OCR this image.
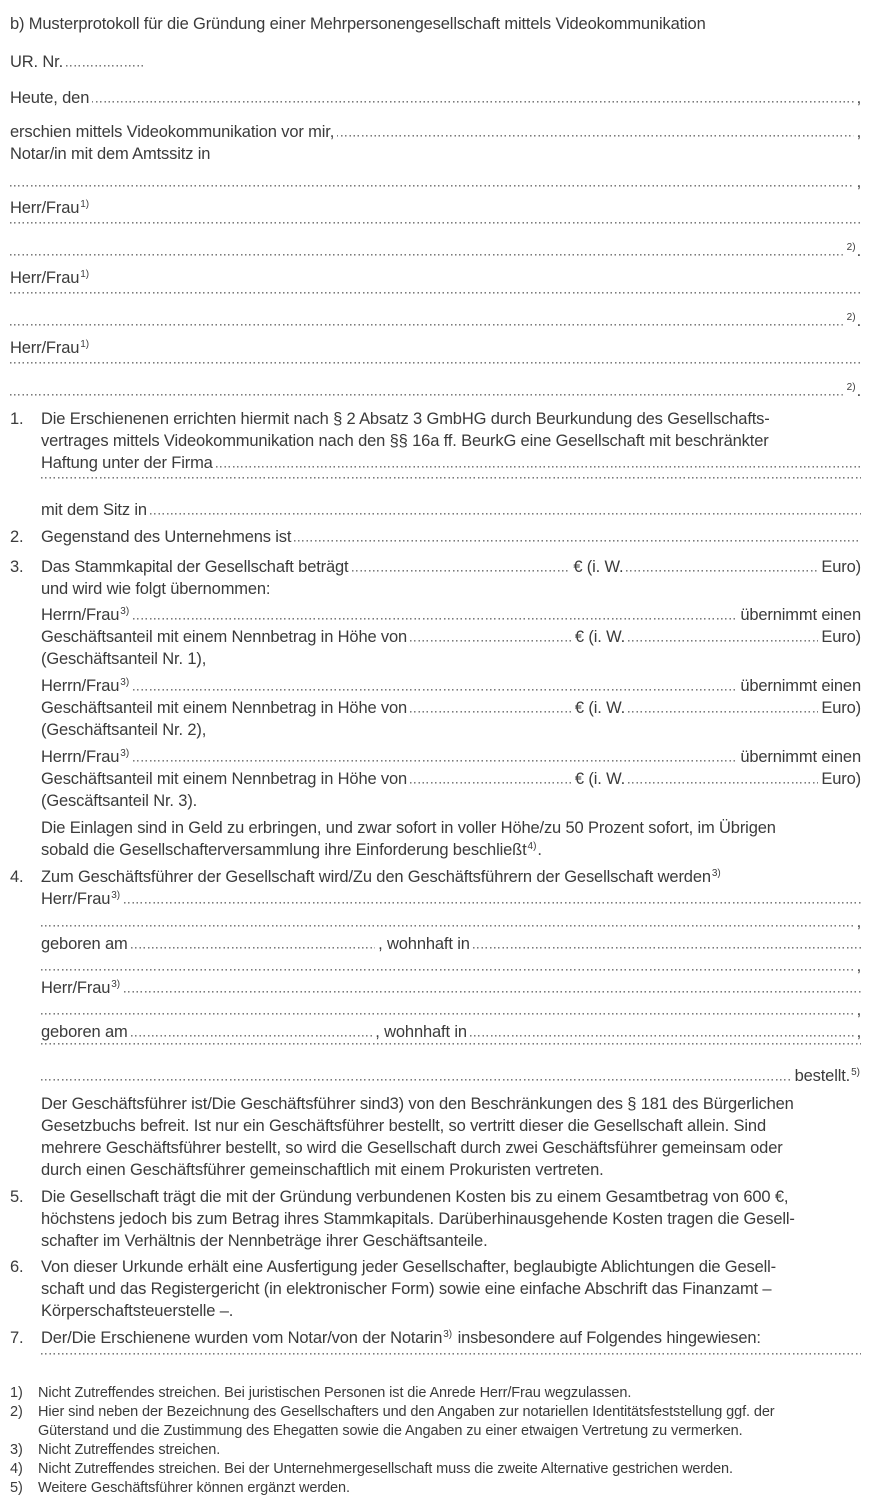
b) Musterprotokoll für die Gründung einer Mehrpersonengesellschaft mittels Videokommunikation
UR. Nr.
Heute, den	,
erschien mittels Videokommunikation vor mir,	,
Notar/in mit dem Amtssitz in
,
Herr/Frau 1)
2) .
Herr/Frau 1)
2) .
Herr/Frau 1)
2) .
1.	Die Erschienenen errichten hiermit nach § 2 Absatz 3 GmbHG durch Beurkundung des Gesellschafts-
vertrages mittels Videokommunikation nach den §§ 16a ff. BeurkG eine Gesellschaft mit beschränkter
Haftung unter der Firma
mit dem Sitz in
2.	Gegenstand des Unternehmens ist
3.	Das Stammkapital der Gesellschaft beträgt	€ (i. W.	Euro)
und wird wie folgt übernommen:
Herrn/Frau 3)	übernimmt einen
Geschäftsanteil mit einem Nennbetrag in Höhe von	€ (i. W.	Euro)
(Geschäftsanteil Nr. 1),
Herrn/Frau 3)	übernimmt einen
Geschäftsanteil mit einem Nennbetrag in Höhe von	€ (i. W.	Euro)
(Geschäftsanteil Nr. 2),
Herrn/Frau 3)	übernimmt einen
Geschäftsanteil mit einem Nennbetrag in Höhe von	€ (i. W.	Euro)
(Gescäftsanteil Nr. 3).
Die Einlagen sind in Geld zu erbringen, und zwar sofort in voller Höhe/zu 50 Prozent sofort, im Übrigen
sobald die Gesellschafterversammlung ihre Einforderung beschließt 4) .
4.	Zum Geschäftsführer der Gesellschaft wird/Zu den Geschäftsführern der Gesellschaft werden 3)
Herr/Frau 3)
,
geboren am	, wohnhaft in
,
Herr/Frau 3)
,
geboren am	, wohnhaft in	,
bestellt. 5)
Der Geschäftsführer ist/Die Geschäftsführer sind3) von den Beschränkungen des § 181 des Bürgerlichen
Gesetzbuchs befreit. Ist nur ein Geschäftsführer bestellt, so vertritt dieser die Gesellschaft allein. Sind
mehrere Geschäftsführer bestellt, so wird die Gesellschaft durch zwei Geschäftsführer gemeinsam oder
durch einen Geschäftsführer gemeinschaftlich mit einem Prokuristen vertreten.
5.	Die Gesellschaft trägt die mit der Gründung verbundenen Kosten bis zu einem Gesamtbetrag von 600 €,
höchstens jedoch bis zum Betrag ihres Stammkapitals. Darüberhinausgehende Kosten tragen die Gesell-
schafter im Verhältnis der Nennbeträge ihrer Geschäftsanteile.
6.	Von dieser Urkunde erhält eine Ausfertigung jeder Gesellschafter, beglaubigte Ablichtungen die Gesell-
schaft und das Registergericht (in elektronischer Form) sowie eine einfache Abschrift das Finanzamt –
Körperschaftsteuerstelle –.
7.	Der/Die Erschienene wurden vom Notar/von der Notarin 3) insbesondere auf Folgendes hingewiesen:
1)	Nicht Zutreffendes streichen. Bei juristischen Personen ist die Anrede Herr/Frau wegzulassen.
2)	Hier sind neben der Bezeichnung des Gesellschafters und den Angaben zur notariellen Identitätsfeststellung ggf. der
Güterstand und die Zustimmung des Ehegatten sowie die Angaben zu einer etwaigen Vertretung zu vermerken.
3)	Nicht Zutreffendes streichen.
4)	Nicht Zutreffendes streichen. Bei der Unternehmergesellschaft muss die zweite Alternative gestrichen werden.
5)	Weitere Geschäftsführer können ergänzt werden.
